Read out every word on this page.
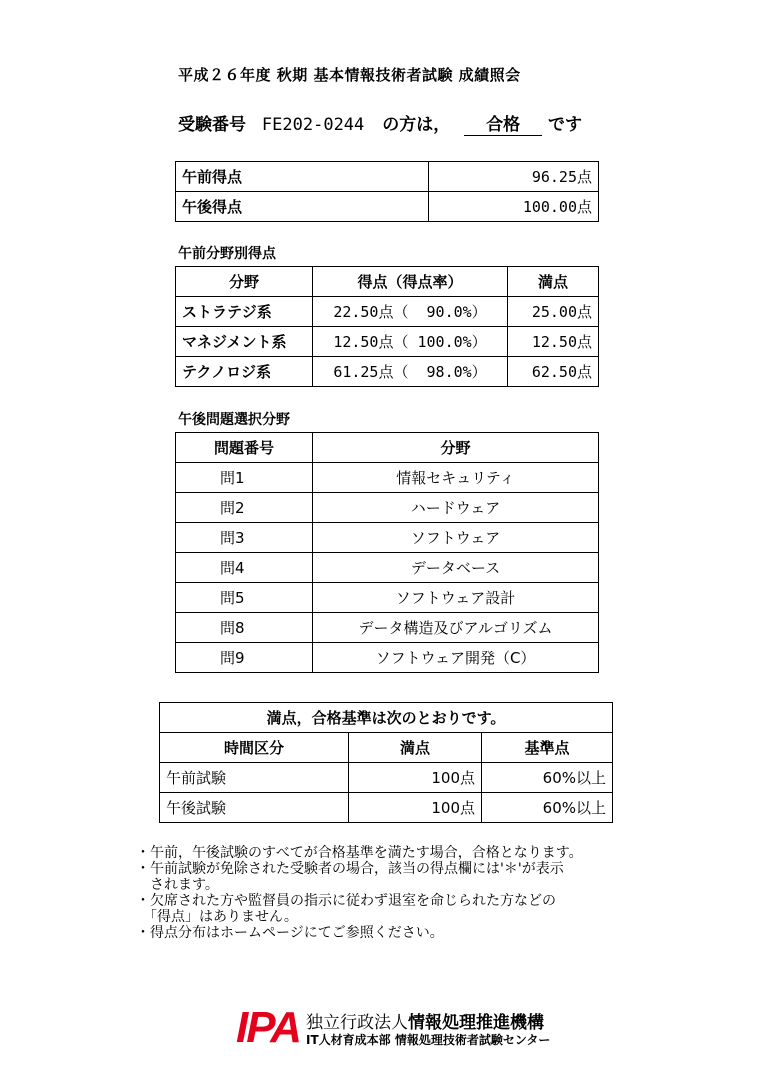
平成２６年度 秋期 基本情報技術者試験 成績照会
受験番号 FE202-0244 の方は， 合格 です
午前得点	96.25点
午後得点	100.00点
午前分野別得点
分野	得点（得点率）	満点
ストラテジ系	22.50点（  90.0%）	25.00点
マネジメント系	12.50点（ 100.0%）	12.50点
テクノロジ系	61.25点（  98.0%）	62.50点
午後問題選択分野
問題番号	分野
問1	情報セキュリティ
問2	ハードウェア
問3	ソフトウェア
問4	データベース
問5	ソフトウェア設計
問8	データ構造及びアルゴリズム
問9	ソフトウェア開発（C）
満点，合格基準は次のとおりです。		
時間区分	満点	基準点
午前試験	100点	60%以上
午後試験	100点	60%以上
・午前，午後試験のすべてが合格基準を満たす場合，合格となります。
・午前試験が免除された受験者の場合，該当の得点欄には'＊'が表示
　されます。
・欠席された方や監督員の指示に従わず退室を命じられた方などの
　「得点」はありません。
・得点分布はホームページにてご参照ください。
IPA 独立行政法人情報処理推進機構
IT人材育成本部 情報処理技術者試験センター
